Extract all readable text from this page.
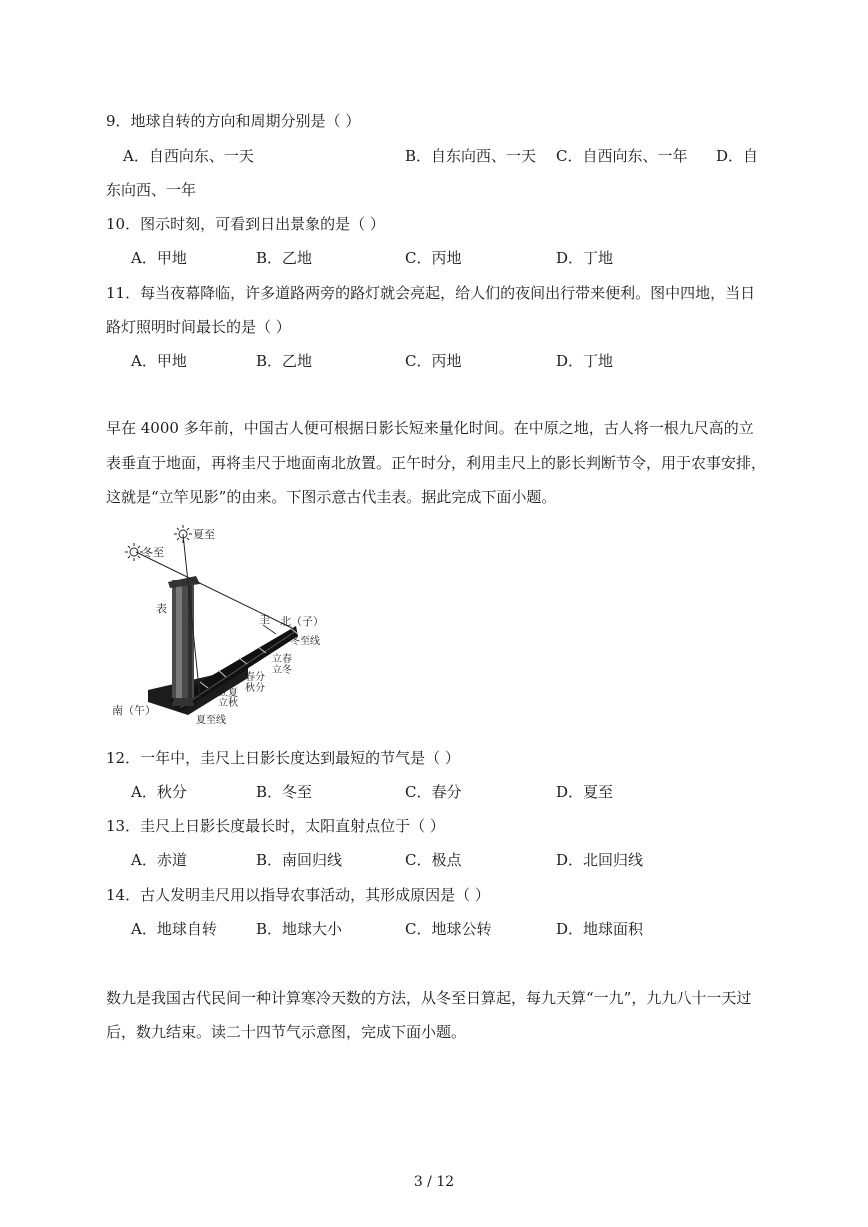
9．地球自转的方向和周期分别是（ ）
A．自西向东、一天	B．自东向西、一天 C．自西向东、一年 D．自
东向西、一年
10．图示时刻，可看到日出景象的是（ ）
A．甲地	B．乙地	C．丙地	D．丁地
11．每当夜幕降临，许多道路两旁的路灯就会亮起，给人们的夜间出行带来便利。图中四地，当日
路灯照明时间最长的是（ ）
A．甲地	B．乙地	C．丙地	D．丁地
早在 4000 多年前，中国古人便可根据日影长短来量化时间。在中原之地，古人将一根九尺高的立
表垂直于地面，再将圭尺于地面南北放置。正午时分，利用圭尺上的影长判断节令，用于农事安排，
这就是“立竿见影”的由来。下图示意古代圭表。据此完成下面小题。
夏至
冬至
表
圭 北（子）
冬至线
立春
立冬
春分
秋分
立夏
立秋
南（午）
夏至线
12．一年中，圭尺上日影长度达到最短的节气是（ ）
A．秋分	B．冬至	C．春分	D．夏至
13．圭尺上日影长度最长时，太阳直射点位于（ ）
A．赤道	B．南回归线	C．极点	D．北回归线
14．古人发明圭尺用以指导农事活动，其形成原因是（ ）
A．地球自转	B．地球大小	C．地球公转	D．地球面积
数九是我国古代民间一种计算寒冷天数的方法，从冬至日算起，每九天算“一九”，九九八十一天过
后，数九结束。读二十四节气示意图，完成下面小题。
3 / 12
